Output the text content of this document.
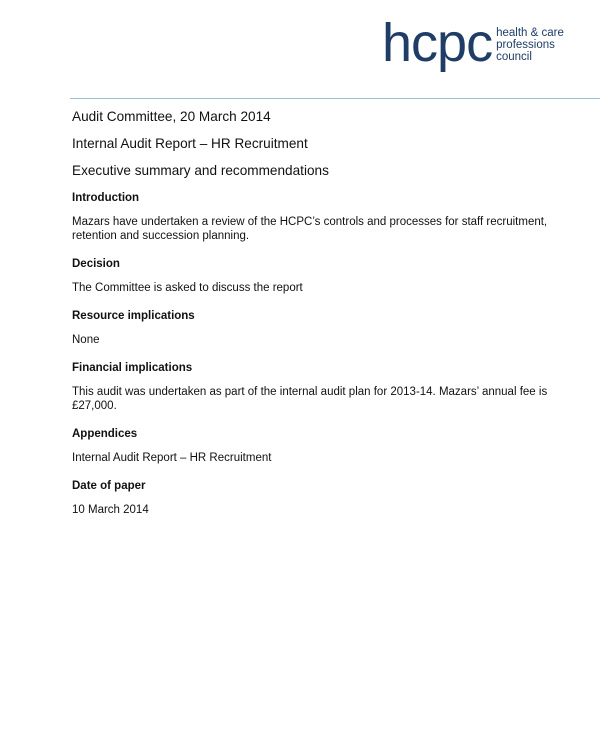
hcpc health & care
professions
council

Audit Committee, 20 March 2014

Internal Audit Report – HR Recruitment

Executive summary and recommendations

Introduction

Mazars have undertaken a review of the HCPC’s controls and processes for staff recruitment, retention and succession planning.

Decision

The Committee is asked to discuss the report

Resource implications

None

Financial implications

This audit was undertaken as part of the internal audit plan for 2013-14. Mazars’ annual fee is £27,000.

Appendices

Internal Audit Report – HR Recruitment

Date of paper

10 March 2014
